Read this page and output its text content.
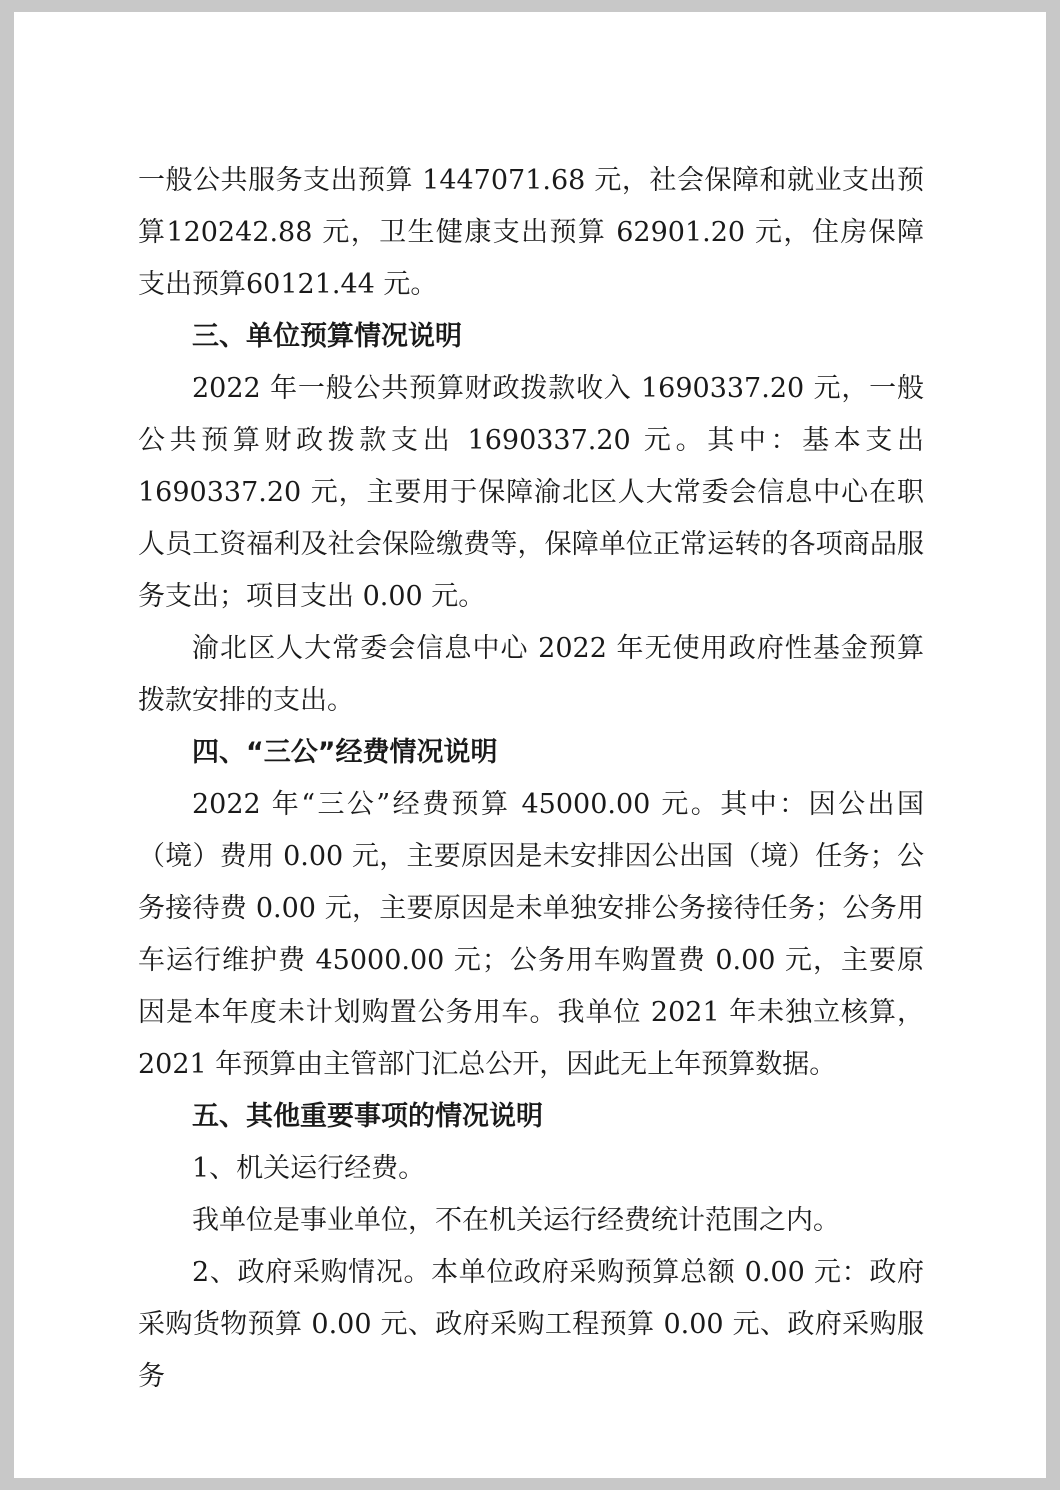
一般公共服务支出预算 1447071.68 元，社会保障和就业支出预算120242.88 元，卫生健康支出预算 62901.20 元，住房保障支出预算60121.44 元。

三、单位预算情况说明

2022 年一般公共预算财政拨款收入 1690337.20 元，一般公共预算财政拨款支出 1690337.20 元。其中：基本支出 1690337.20 元，主要用于保障渝北区人大常委会信息中心在职人员工资福利及社会保险缴费等，保障单位正常运转的各项商品服务支出；项目支出 0.00 元。

渝北区人大常委会信息中心 2022 年无使用政府性基金预算拨款安排的支出。

四、“三公”经费情况说明

2022 年“三公”经费预算 45000.00 元。其中：因公出国（境）费用 0.00 元，主要原因是未安排因公出国（境）任务；公务接待费 0.00 元，主要原因是未单独安排公务接待任务；公务用车运行维护费 45000.00 元；公务用车购置费 0.00 元，主要原因是本年度未计划购置公务用车。我单位 2021 年未独立核算，2021 年预算由主管部门汇总公开，因此无上年预算数据。

五、其他重要事项的情况说明

1、机关运行经费。

我单位是事业单位，不在机关运行经费统计范围之内。

2、政府采购情况。本单位政府采购预算总额 0.00 元：政府采购货物预算 0.00 元、政府采购工程预算 0.00 元、政府采购服务
